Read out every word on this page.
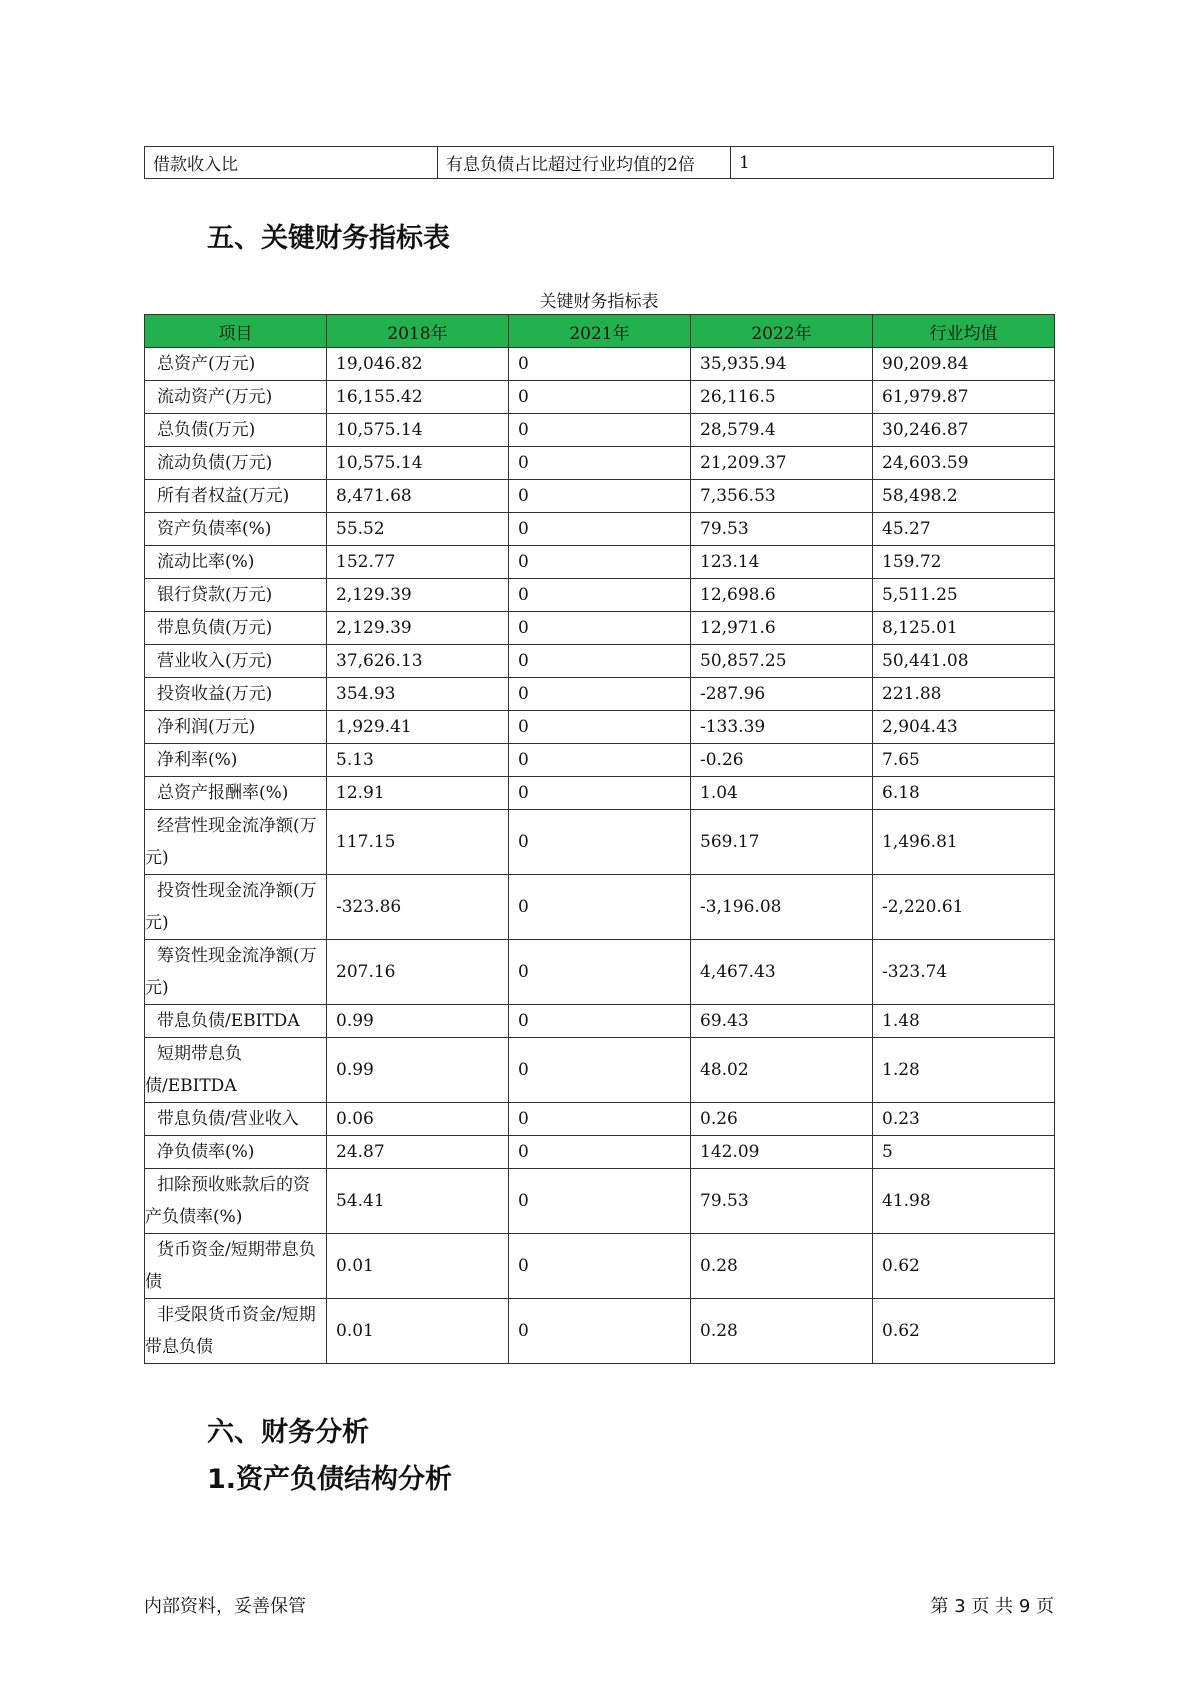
借款收入比	有息负债占比超过行业均值的2倍	1
五、关键财务指标表
关键财务指标表
项目	2018年	2021年	2022年	行业均值
总资产(万元)	19,046.82	0	35,935.94	90,209.84
流动资产(万元)	16,155.42	0	26,116.5	61,979.87
总负债(万元)	10,575.14	0	28,579.4	30,246.87
流动负债(万元)	10,575.14	0	21,209.37	24,603.59
所有者权益(万元)	8,471.68	0	7,356.53	58,498.2
资产负债率(%)	55.52	0	79.53	45.27
流动比率(%)	152.77	0	123.14	159.72
银行贷款(万元)	2,129.39	0	12,698.6	5,511.25
带息负债(万元)	2,129.39	0	12,971.6	8,125.01
营业收入(万元)	37,626.13	0	50,857.25	50,441.08
投资收益(万元)	354.93	0	-287.96	221.88
净利润(万元)	1,929.41	0	-133.39	2,904.43
净利率(%)	5.13	0	-0.26	7.65
总资产报酬率(%)	12.91	0	1.04	6.18
经营性现金流净额(万元)	117.15	0	569.17	1,496.81
投资性现金流净额(万元)	-323.86	0	-3,196.08	-2,220.61
筹资性现金流净额(万元)	207.16	0	4,467.43	-323.74
带息负债/EBITDA	0.99	0	69.43	1.48
短期带息负债/EBITDA	0.99	0	48.02	1.28
带息负债/营业收入	0.06	0	0.26	0.23
净负债率(%)	24.87	0	142.09	5
扣除预收账款后的资产负债率(%)	54.41	0	79.53	41.98
货币资金/短期带息负债	0.01	0	0.28	0.62
非受限货币资金/短期带息负债	0.01	0	0.28	0.62
六、财务分析
1.资产负债结构分析
内部资料，妥善保管	第 3 页 共 9 页
